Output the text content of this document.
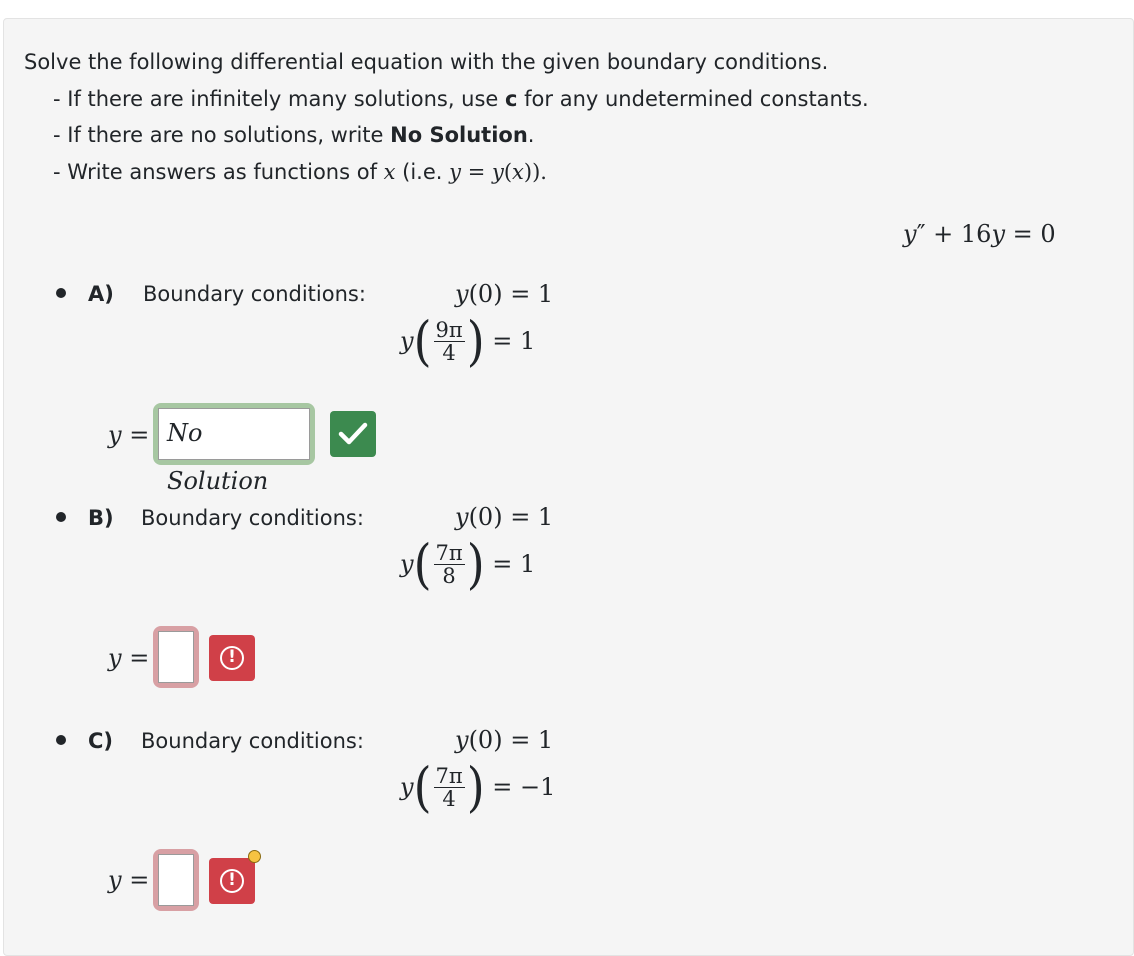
Solve the following differential equation with the given boundary conditions.
- If there are infinitely many solutions, use c for any undetermined constants.
- If there are no solutions, write No Solution.
- Write answers as functions of x (i.e. y = y(x)).
y″ + 16y = 0
A) Boundary conditions:	y(0) = 1
$y( \frac{9\pi}{4}$ ) = 1
y = No Solution
B) Boundary conditions:	y(0) = 1
$y( \frac{7\pi}{8}$ ) = 1
y =	!
C) Boundary conditions:	y(0) = 1
$y( \frac{7\pi}{4}$ ) = −1
y =	!
